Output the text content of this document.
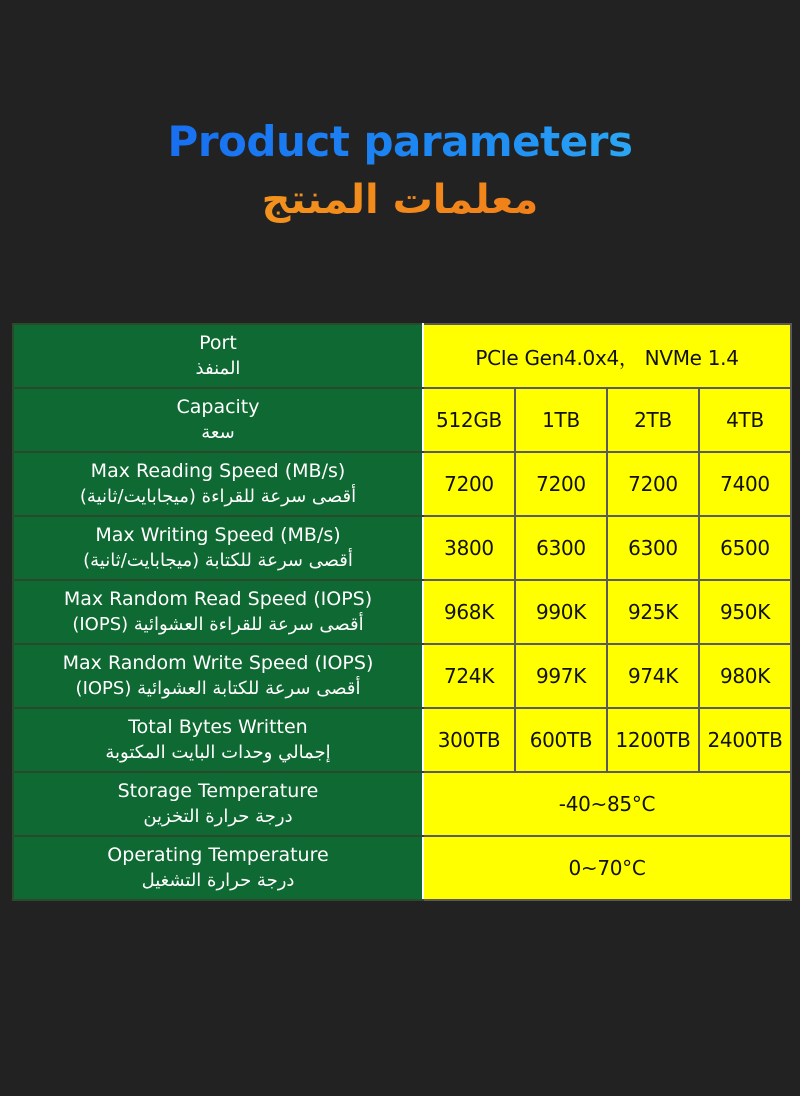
Product parameters
معلمات المنتج
Port
المنفذ	PCIe Gen4.0x4， NVMe 1.4			

Capacity
سعة	512GB	1TB	2TB	4TB

Max Reading Speed (MB/s)
أقصى سرعة للقراءة (ميجابايت/ثانية)	7200	7200	7200	7400

Max Writing Speed (MB/s)
أقصى سرعة للكتابة (ميجابايت/ثانية)	3800	6300	6300	6500

Max Random Read Speed (IOPS)
أقصى سرعة للقراءة العشوائية (IOPS)	968K	990K	925K	950K

Max Random Write Speed (IOPS)
أقصى سرعة للكتابة العشوائية (IOPS)	724K	997K	974K	980K

Total Bytes Written
إجمالي وحدات البايت المكتوبة	300TB	600TB	1200TB	2400TB

Storage Temperature
درجة حرارة التخزين	-40~85°C			

Operating Temperature
درجة حرارة التشغيل	0~70°C			
